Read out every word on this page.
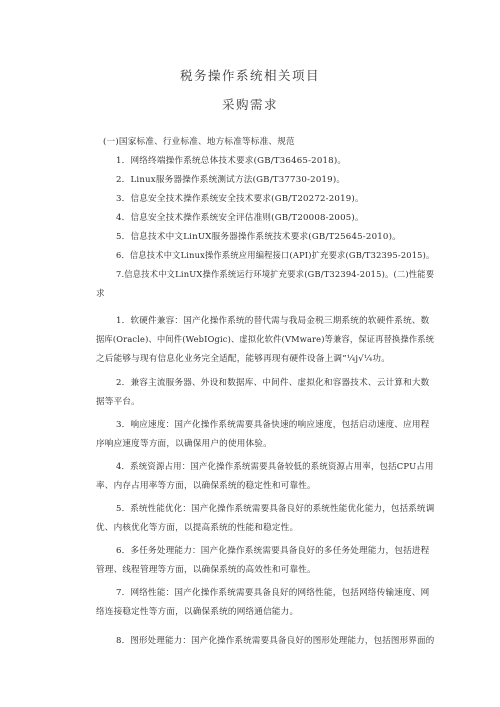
税务操作系统相关项目
采购需求
(一)国家标准、行业标准、地方标准等标准、规范
1．网络终端操作系统总体技术要求(GB/T36465-2018)。
2．Linux服务器操作系统测试方法(GB/T37730-2019)。
3．信息安全技术操作系统安全技术要求(GB/T20272-2019)。
4．信息安全技术操作系统安全评估准则(GB/T20008-2005)。
5．信息技术中文LinUX服务器操作系统技术要求(GB/T25645-2010)。
6．信息技术中文Linux操作系统应用编程接口(API)扩充要求(GB/T32395-2015)。
7.信息技术中文LinUX操作系统运行环境扩充要求(GB/T32394-2015)。(二)性能要
求
1．软硬件兼容：国产化操作系统的替代需与我局金税三期系统的软硬件系统、数
据库(Oracle)、中间件(WebIOgic)、虚拟化软件(VMware)等兼容，保证再替换操作系统
之后能够与现有信息化业务完全适配，能够再现有硬件设备上调”¼j√¼功。
2．兼容主流服务器、外设和数据库、中间件、虚拟化和容器技术、云计算和大数
据等平台。
3．响应速度：国产化操作系统需要具备快速的响应速度，包括启动速度、应用程
序响应速度等方面，以确保用户的使用体验。
4．系统资源占用：国产化操作系统需要具备较低的系统资源占用率，包括CPU占用
率、内存占用率等方面，以确保系统的稳定性和可靠性。
5．系统性能优化：国产化操作系统需要具备良好的系统性能优化能力，包括系统调
优、内核优化等方面，以提高系统的性能和稳定性。
6．多任务处理能力：国产化操作系统需要具备良好的多任务处理能力，包括进程
管理、线程管理等方面，以确保系统的高效性和可靠性。
7．网络性能：国产化操作系统需要具备良好的网络性能，包括网络传输速度、网
络连接稳定性等方面，以确保系统的网络通信能力。
8．图形处理能力：国产化操作系统需要具备良好的图形处理能力，包括图形界面的
